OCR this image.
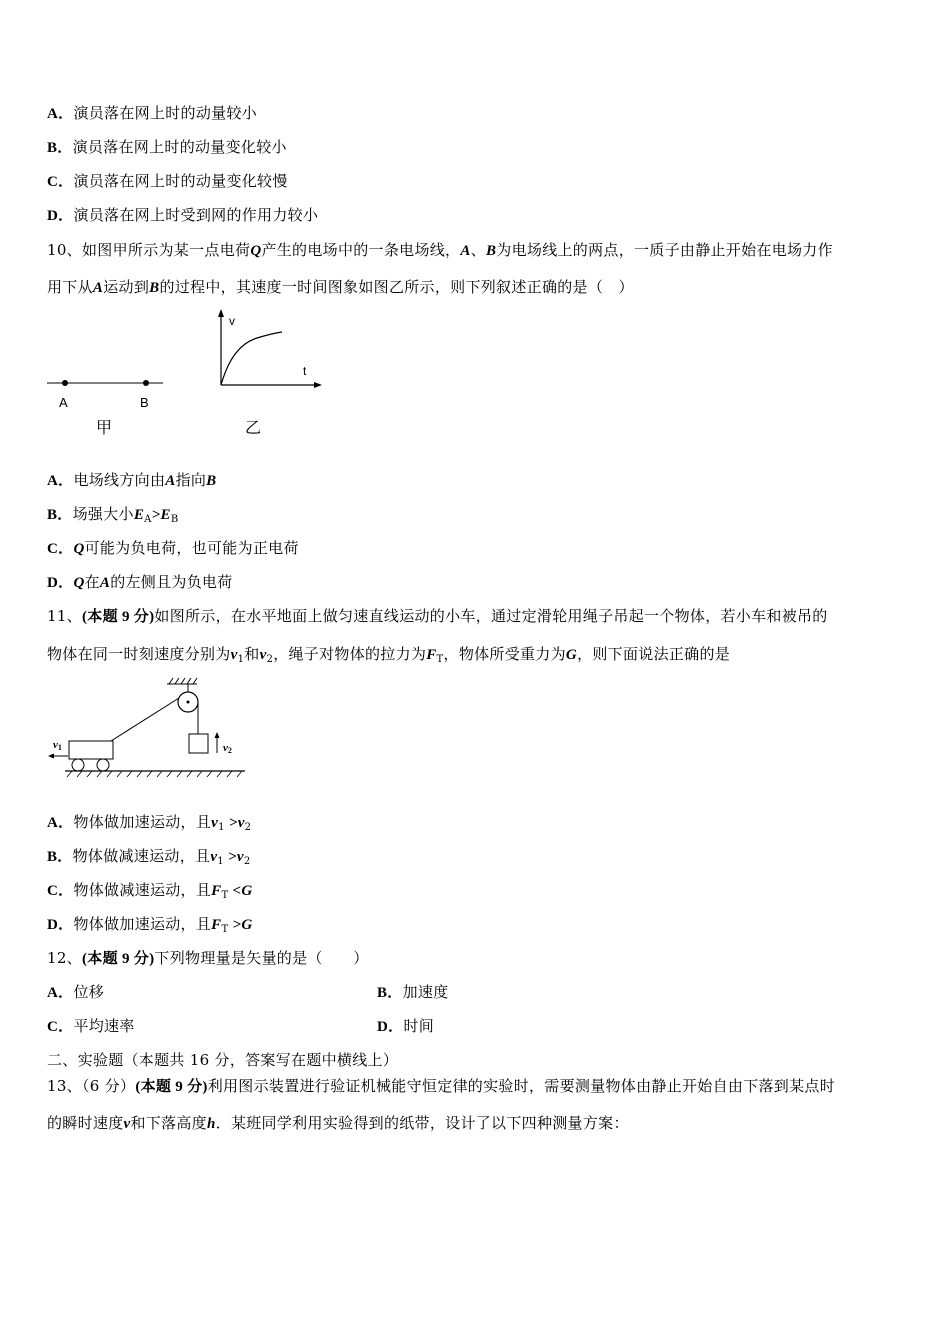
A．演员落在网上时的动量较小
B．演员落在网上时的动量变化较小
C．演员落在网上时的动量变化较慢
D．演员落在网上时受到网的作用力较小
10、如图甲所示为某一点电荷Q产生的电场中的一条电场线，A、B为电场线上的两点，一质子由静止开始在电场力作
用下从A运动到B的过程中，其速度一时间图象如图乙所示，则下列叙述正确的是（　）
A	B
甲
v
t
乙
A．电场线方向由A指向B
B．场强大小$E_A>E_B$
C．Q可能为负电荷，也可能为正电荷
D．Q在A的左侧且为负电荷
11、(本题 9 分)如图所示，在水平地面上做匀速直线运动的小车，通过定滑轮用绳子吊起一个物体，若小车和被吊的
物体在同一时刻速度分别为$v_1$和$v_2$，绳子对物体的拉力为$F_T$，物体所受重力为G，则下面说法正确的是
v2
v1
A．物体做加速运动，且$v_1 >v_2$
B．物体做减速运动，且$v_1 >v_2$
C．物体做减速运动，且$F_T <G$
D．物体做加速运动，且$F_T >G$
12、(本题 9 分)下列物理量是矢量的是（　　）
A．位移	B．加速度
C．平均速率	D．时间
二、实验题（本题共 16 分，答案写在题中横线上）
13、（6 分）(本题 9 分)利用图示装置进行验证机械能守恒定律的实验时，需要测量物体由静止开始自由下落到某点时
的瞬时速度v和下落高度h．某班同学利用实验得到的纸带，设计了以下四种测量方案：
